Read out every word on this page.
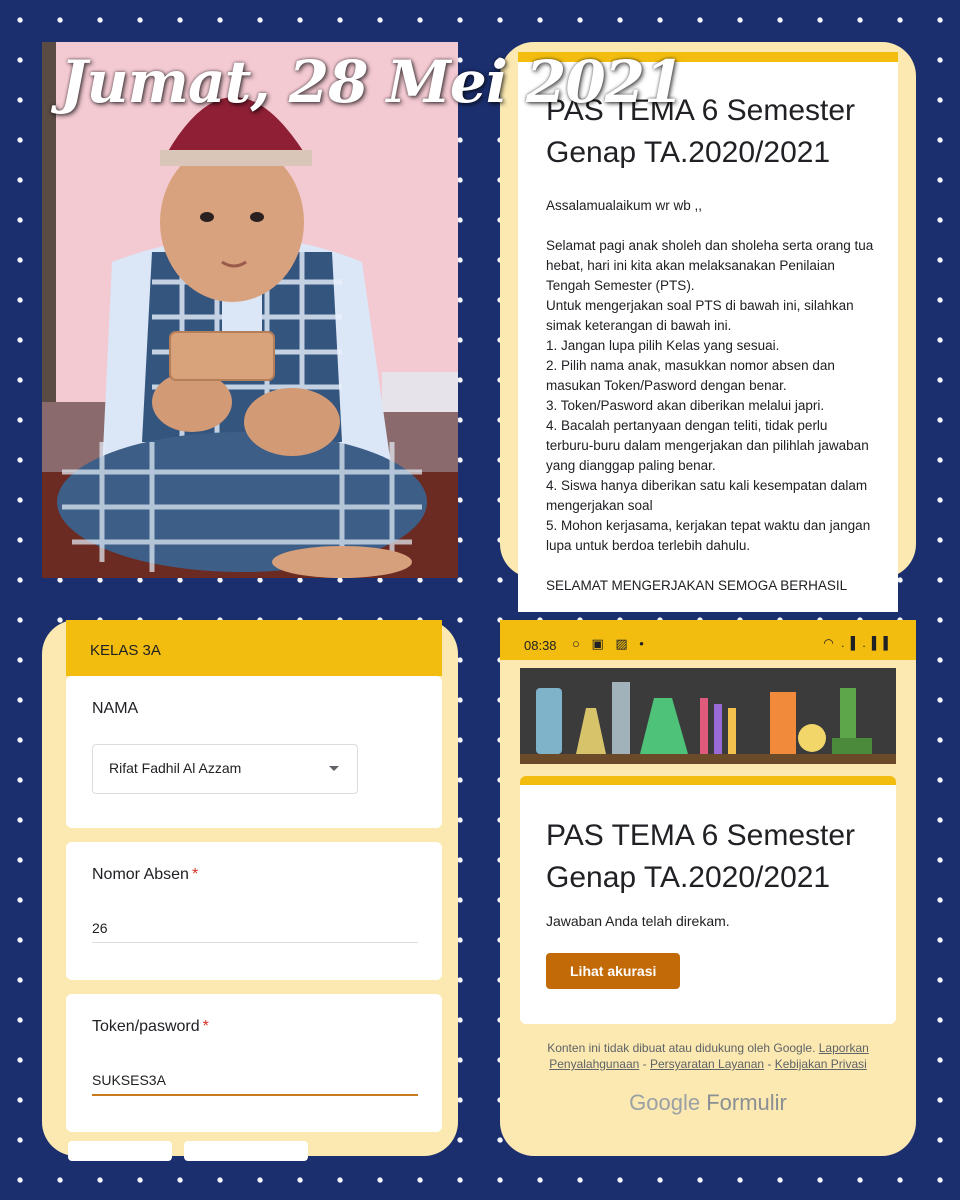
Jumat, 28 Mei 2021
PAS TEMA 6 Semester Genap TA.2020/2021

Assalamualaikum wr wb ,,

Selamat pagi anak sholeh dan sholeha serta orang tua hebat, hari ini kita akan melaksanakan Penilaian Tengah Semester (PTS).

Untuk mengerjakan soal PTS di bawah ini, silahkan simak keterangan di bawah ini.

1. Jangan lupa pilih Kelas yang sesuai.

2. Pilih nama anak, masukkan nomor absen dan masukan Token/Pasword dengan benar.

3. Token/Pasword akan diberikan melalui japri.

4. Bacalah pertanyaan dengan teliti, tidak perlu terburu-buru dalam mengerjakan dan pilihlah jawaban yang dianggap paling benar.

4. Siswa hanya diberikan satu kali kesempatan dalam mengerjakan soal

5. Mohon kerjasama, kerjakan tepat waktu dan jangan lupa untuk berdoa terlebih dahulu.

SELAMAT MENGERJAKAN SEMOGA BERHASIL

KELAS 3A
NAMA
Rifat Fadhil Al Azzam
Nomor Absen *
26
Token/pasword *
SUKSES3A
08:38 ○ ▣ ▨ •	◠ .▐ .▐ ▌
PAS TEMA 6 Semester Genap TA.2020/2021
Jawaban Anda telah direkam.
Lihat akurasi
Konten ini tidak dibuat atau didukung oleh Google. Laporkan Penyalahgunaan - Persyaratan Layanan - Kebijakan Privasi
Google Formulir
